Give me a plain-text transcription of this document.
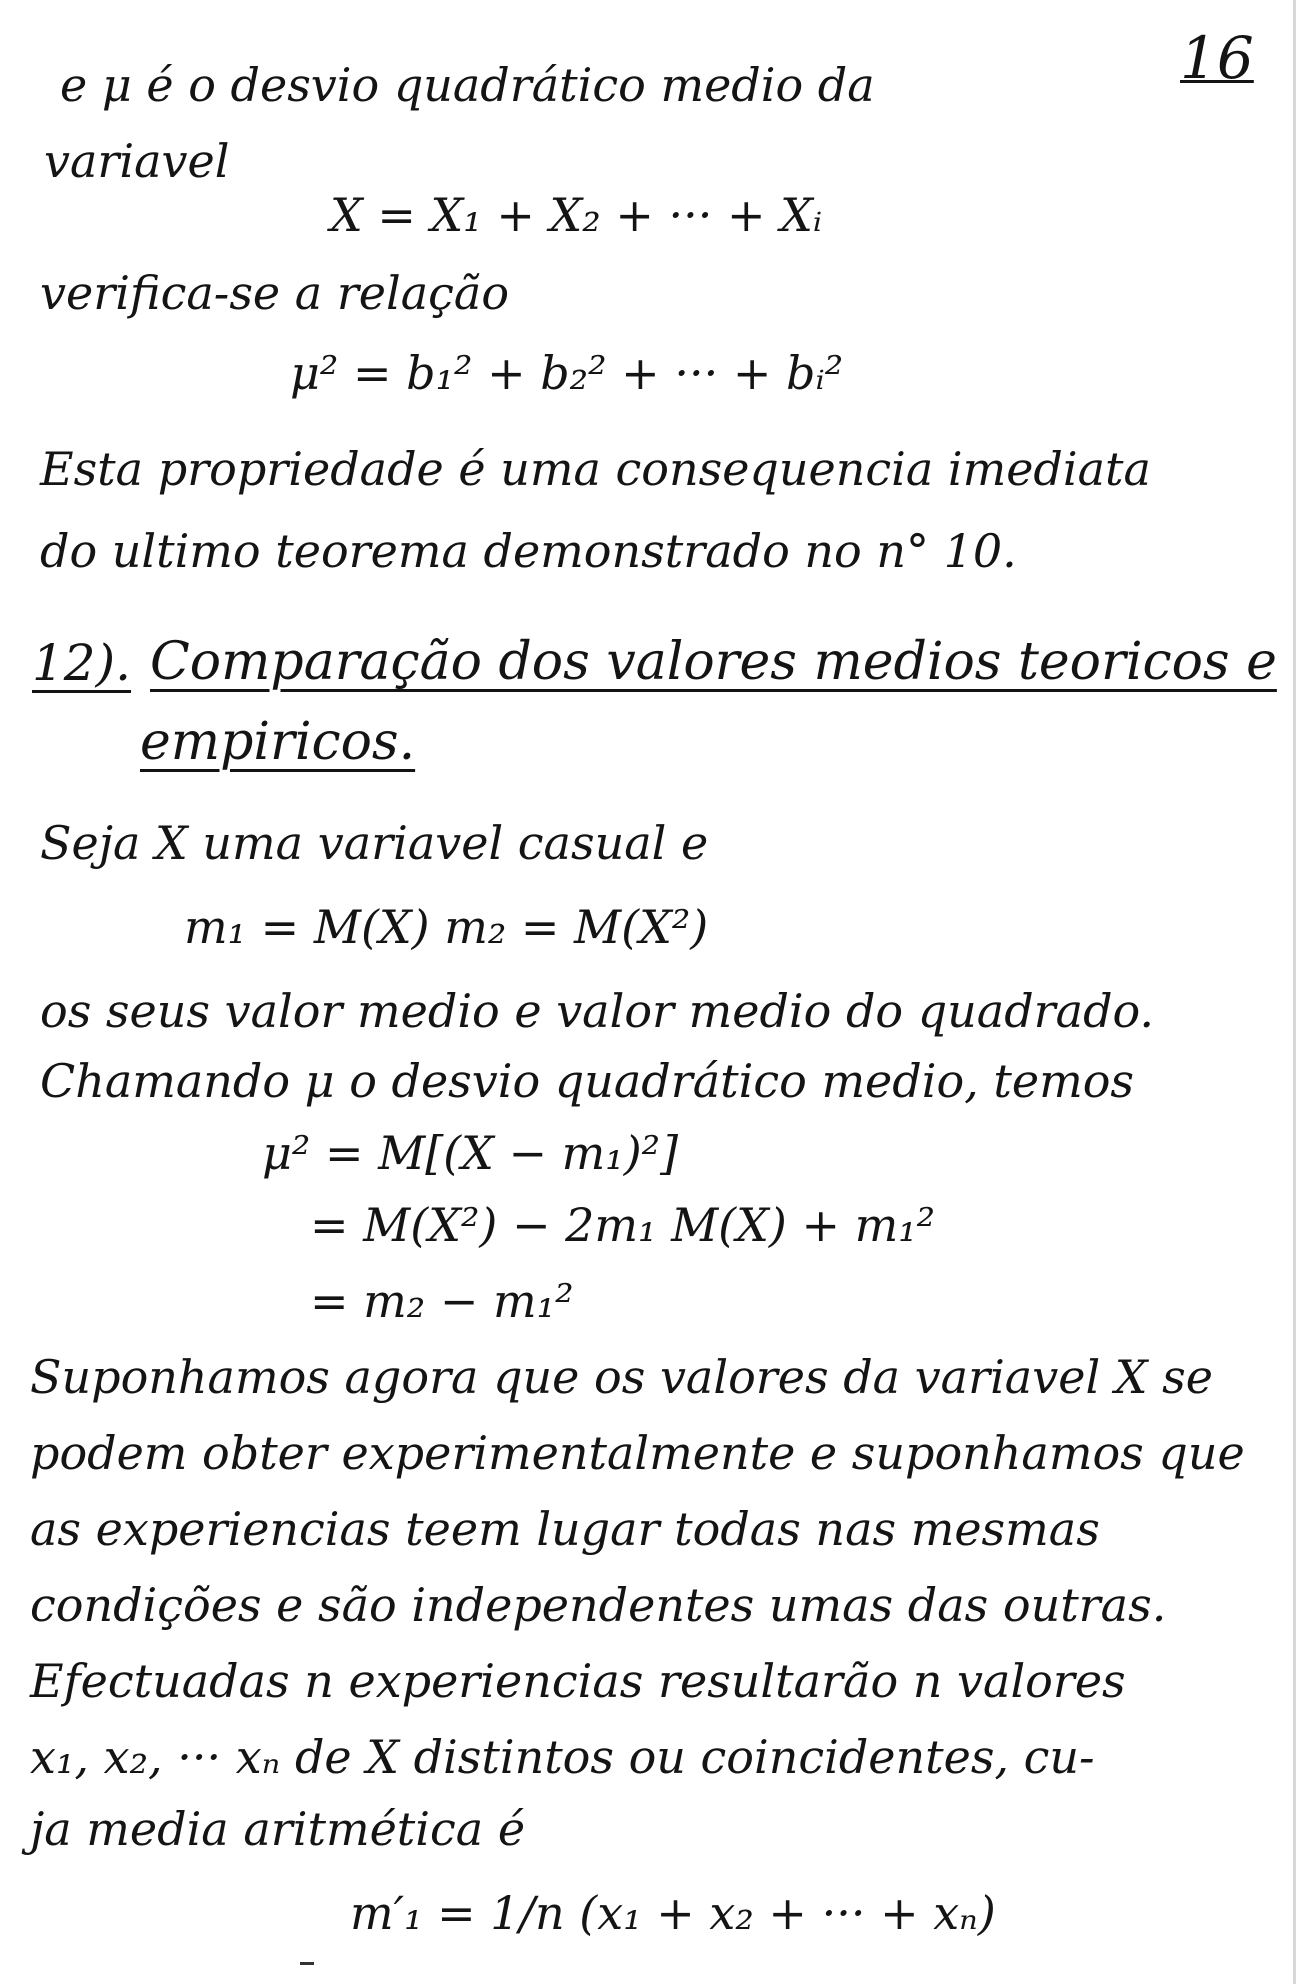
16
e μ é o desvio quadrático medio da
variavel
X = X₁ + X₂ + ··· + Xᵢ
verifica-se a relação
μ² = b₁² + b₂² + ··· + bᵢ²
Esta propriedade é uma consequencia imediata
do ultimo teorema demonstrado no n° 10.
12). Comparação dos valores medios teoricos e
empiricos.
Seja X uma variavel casual e
m₁ = M(X) m₂ = M(X²)
os seus valor medio e valor medio do quadrado.
Chamando μ o desvio quadrático medio, temos
μ² = M[(X − m₁)²]
= M(X²) − 2m₁ M(X) + m₁²
= m₂ − m₁²
Suponhamos agora que os valores da variavel X se
podem obter experimentalmente e suponhamos que
as experiencias teem lugar todas nas mesmas
condições e são independentes umas das outras.
Efectuadas n experiencias resultarão n valores
x₁, x₂, ··· xₙ de X distintos ou coincidentes, cu-
ja media aritmética é
m′₁ = 1/n (x₁ + x₂ + ··· + xₙ)
